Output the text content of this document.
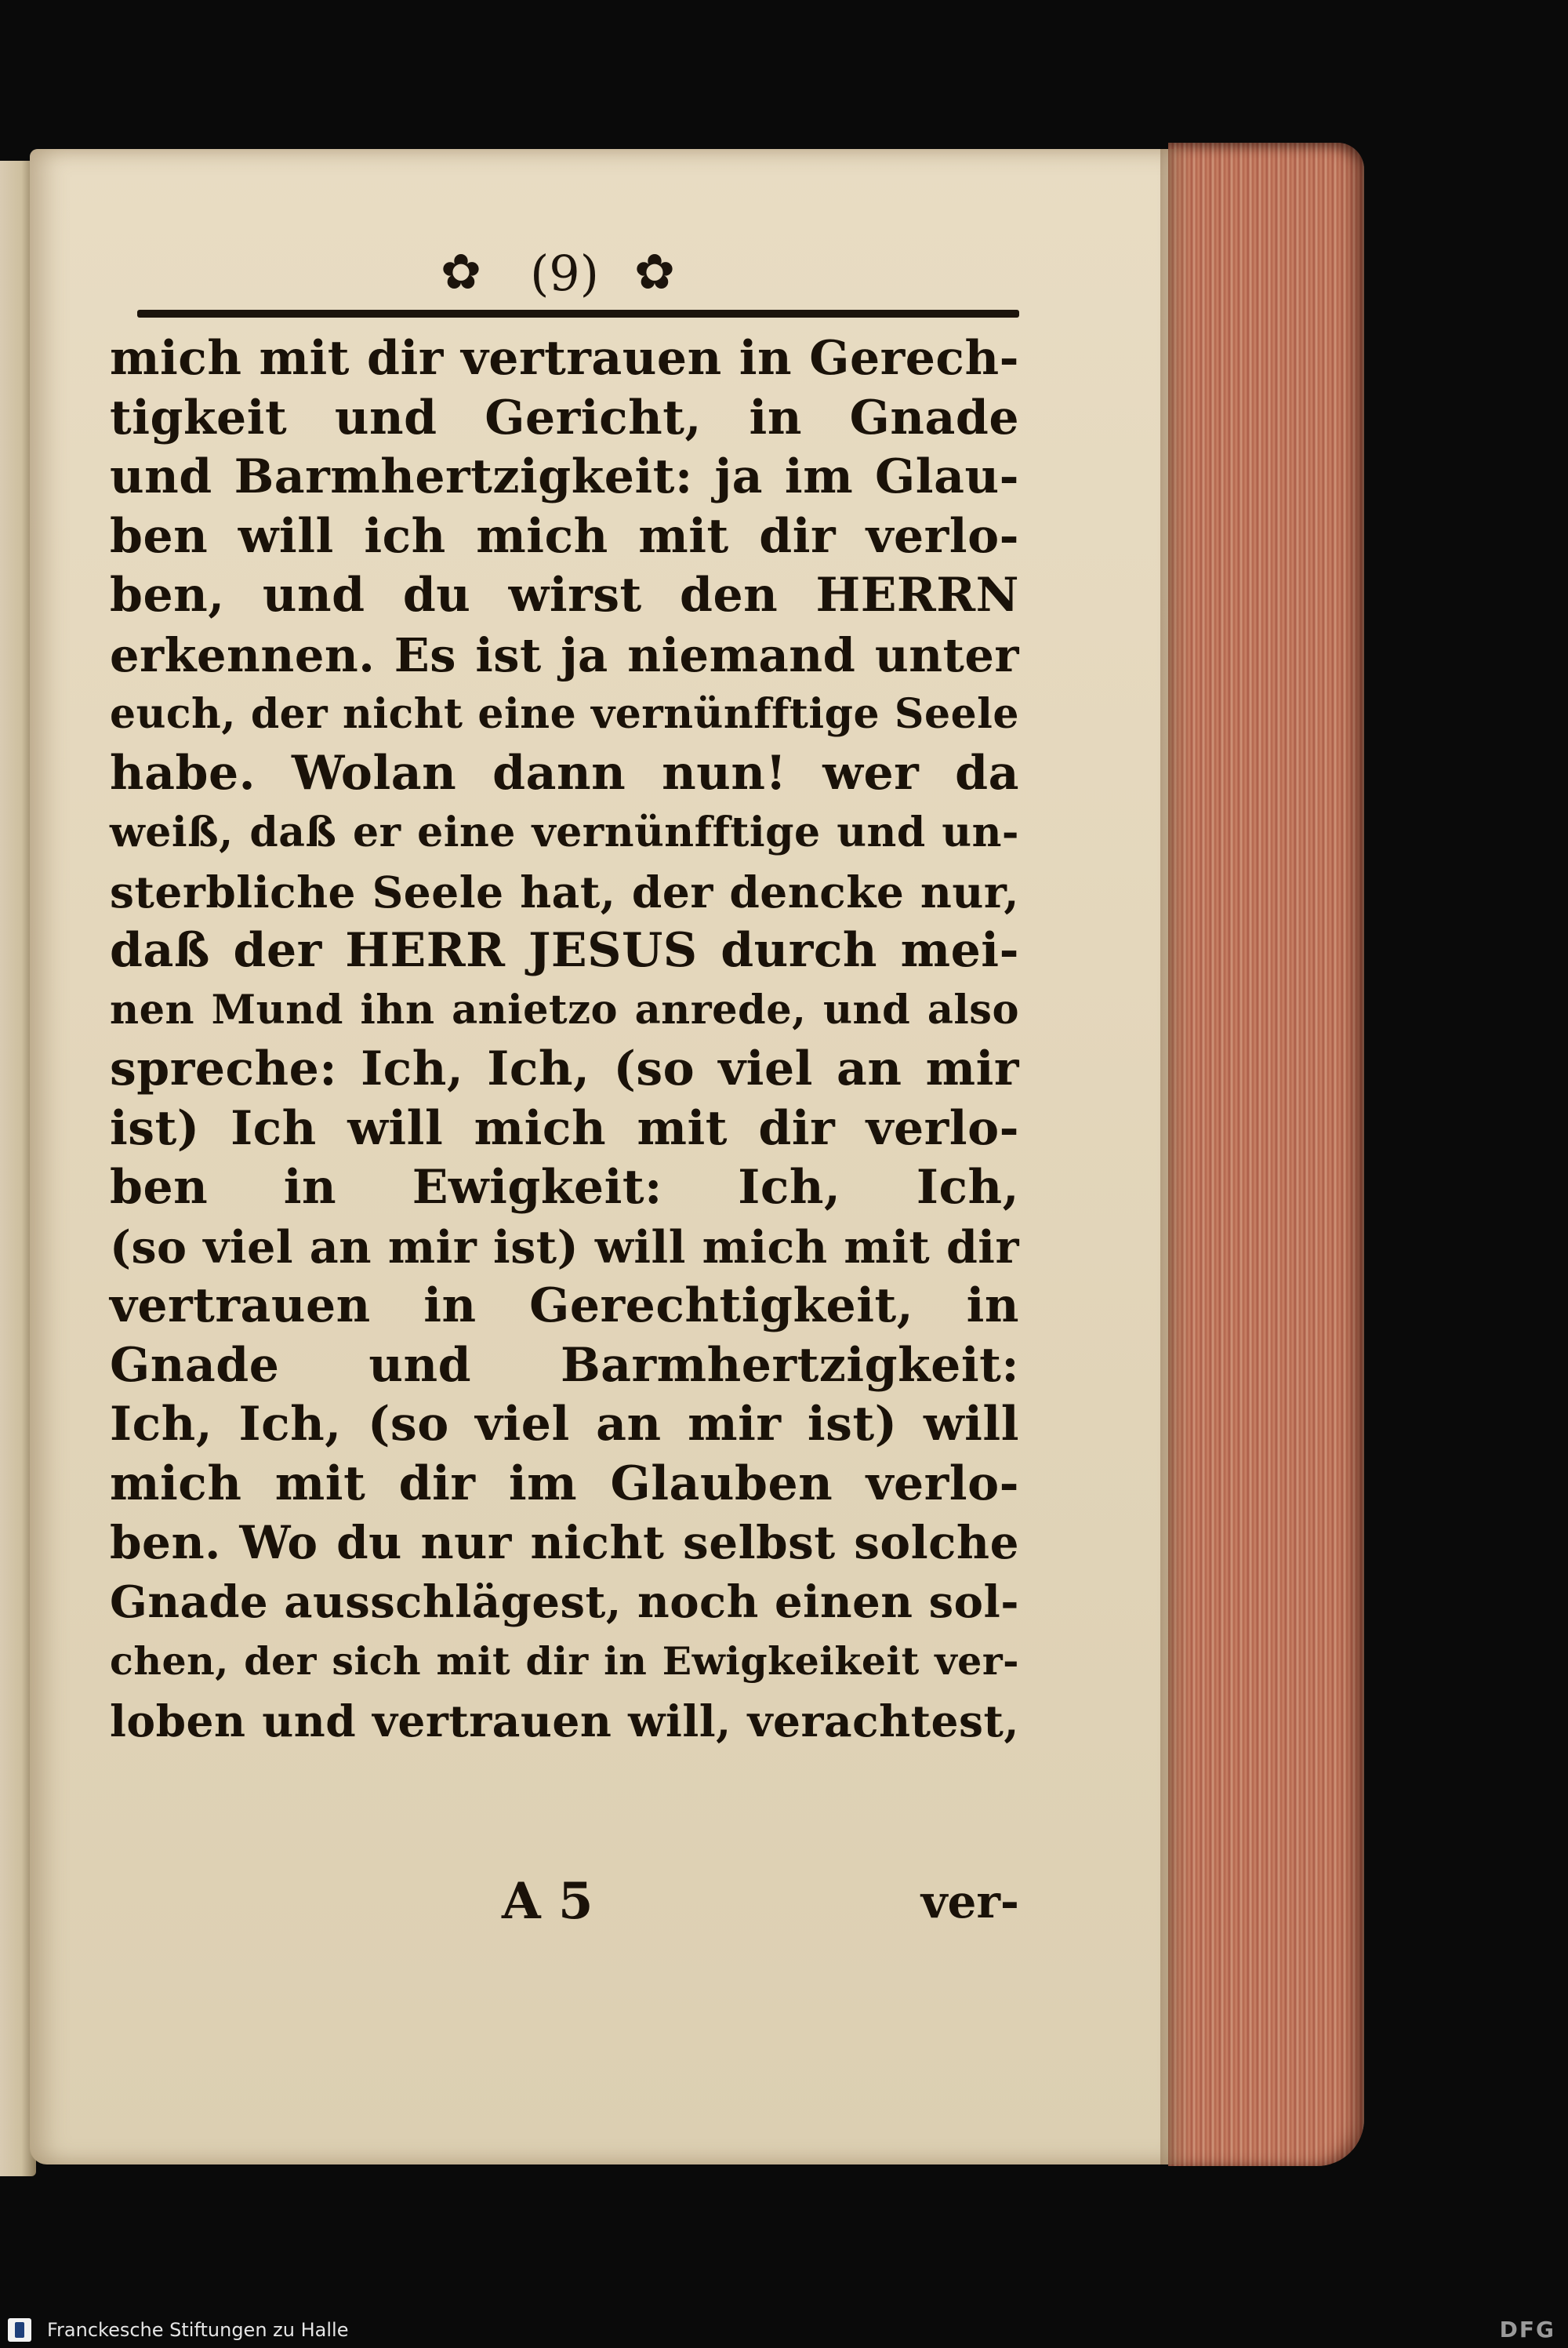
✿ (9) ✿
mich mit dir vertrauen in Gerech-
tigkeit und Gericht, in Gnade
und Barmhertzigkeit: ja im Glau-
ben will ich mich mit dir verlo-
ben, und du wirst den HERRN
erkennen. Es ist ja niemand unter
euch, der nicht eine vernünfftige Seele
habe. Wolan dann nun! wer da
weiß, daß er eine vernünfftige und un-
sterbliche Seele hat, der dencke nur,
daß der HERR JESUS durch mei-
nen Mund ihn anietzo anrede, und also
spreche: Ich, Ich, (so viel an mir
ist) Ich will mich mit dir verlo-
ben in Ewigkeit: Ich, Ich,
(so viel an mir ist) will mich mit dir
vertrauen in Gerechtigkeit, in
Gnade und Barmhertzigkeit:
Ich, Ich, (so viel an mir ist) will
mich mit dir im Glauben verlo-
ben. Wo du nur nicht selbst solche
Gnade ausschlägest, noch einen sol-
chen, der sich mit dir in Ewigkeikeit ver-
loben und vertrauen will, verachtest,
A 5	ver-
Franckesche Stiftungen zu Halle	DFG
